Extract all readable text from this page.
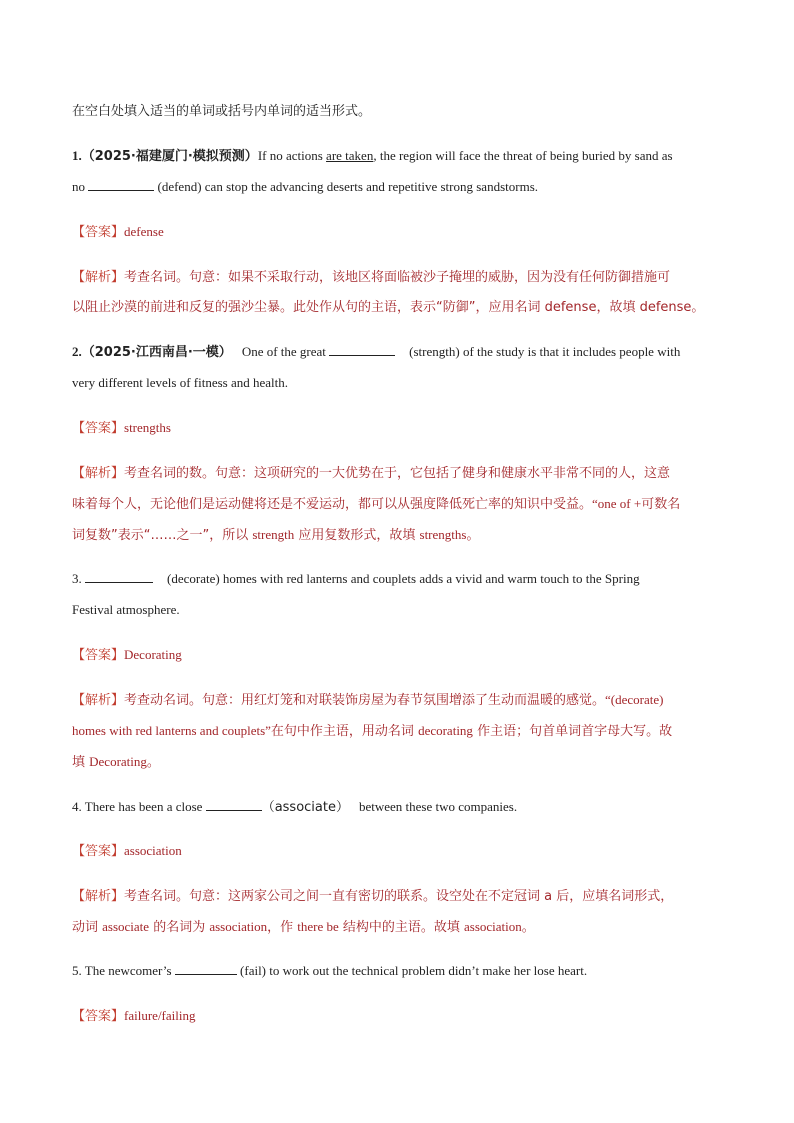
在空白处填入适当的单词或括号内单词的适当形式。
1.（2025·福建厦门·模拟预测）If no actions are taken, the region will face the threat of being buried by sand as
no	(defend) can stop the advancing deserts and repetitive strong sandstorms.
【答案】defense
【解析】考查名词。句意：如果不采取行动，该地区将面临被沙子掩埋的威胁，因为没有任何防御措施可
以阻止沙漠的前进和反复的强沙尘暴。此处作从句的主语，表示“防御”，应用名词 defense，故填 defense。
2.（2025·江西南昌·一模） One of the great	(strength) of the study is that it includes people with
very different levels of fitness and health.
【答案】strengths
【解析】考查名词的数。句意：这项研究的一大优势在于，它包括了健身和健康水平非常不同的人，这意
味着每个人，无论他们是运动健将还是不爱运动，都可以从强度降低死亡率的知识中受益。“one of +可数名
词复数”表示“……之一”，所以 strength 应用复数形式，故填 strengths。
3.	(decorate) homes with red lanterns and couplets adds a vivid and warm touch to the Spring
Festival atmosphere.
【答案】Decorating
【解析】考查动名词。句意：用红灯笼和对联装饰房屋为春节氛围增添了生动而温暖的感觉。“(decorate)
homes with red lanterns and couplets”在句中作主语，用动名词 decorating 作主语；句首单词首字母大写。故
填 Decorating。
4. There has been a close	（associate） between these two companies.
【答案】association
【解析】考查名词。句意：这两家公司之间一直有密切的联系。设空处在不定冠词 a 后，应填名词形式，
动词 associate 的名词为 association，作 there be 结构中的主语。故填 association。
5. The newcomer’s	(fail) to work out the technical problem didn’t make her lose heart.
【答案】failure/failing
